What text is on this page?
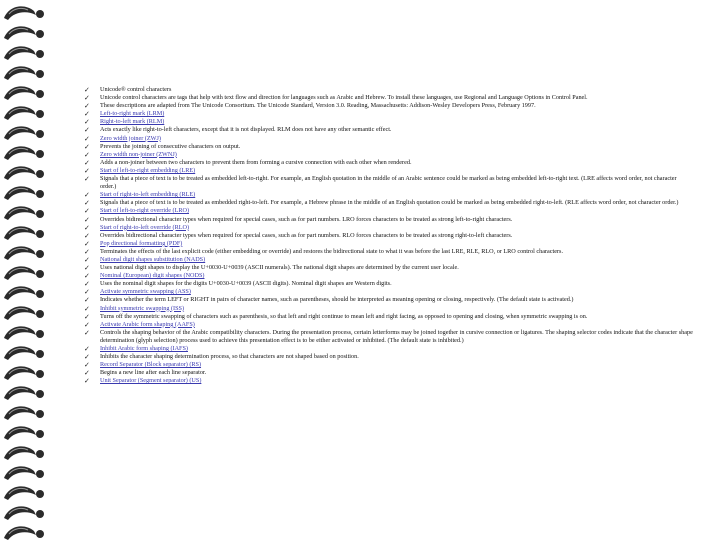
✓ Unicode® control characters
✓ Unicode control characters are tags that help with text flow and direction for languages such as Arabic and Hebrew. To install these languages, use Regional and Language Options in Control Panel.
✓ These descriptions are adapted from The Unicode Consortium. The Unicode Standard, Version 3.0. Reading, Massachusetts: Addison-Wesley Developers Press, February 1997.
✓ Left-to-right mark (LRM)
✓ Right-to-left mark (RLM)
✓ Acts exactly like right-to-left characters, except that it is not displayed. RLM does not have any other semantic effect.
✓ Zero width joiner (ZWJ)
✓ Prevents the joining of consecutive characters on output.
✓ Zero width non-joiner (ZWNJ)
✓ Adds a non-joiner between two characters to prevent them from forming a cursive connection with each other when rendered.
✓ Start of left-to-right embedding (LRE)
✓ Signals that a piece of text is to be treated as embedded left-to-right. For example, an English quotation in the middle of an Arabic sentence could be marked as being embedded left-to-right text. (LRE affects word order, not character order.)
✓ Start of right-to-left embedding (RLE)
✓ Signals that a piece of text is to be treated as embedded right-to-left. For example, a Hebrew phrase in the middle of an English quotation could be marked as being embedded right-to-left. (RLE affects word order, not character order.)
✓ Start of left-to-right override (LRO)
✓ Overrides bidirectional character types when required for special cases, such as for part numbers. LRO forces characters to be treated as strong left-to-right characters.
✓ Start of right-to-left override (RLO)
✓ Overrides bidirectional character types when required for special cases, such as for part numbers. RLO forces characters to be treated as strong right-to-left characters.
✓ Pop directional formatting (PDF)
✓ Terminates the effects of the last explicit code (either embedding or override) and restores the bidirectional state to what it was before the last LRE, RLE, RLO, or LRO control characters.
✓ National digit shapes substitution (NADS)
✓ Uses national digit shapes to display the U+0030-U+0039 (ASCII numerals). The national digit shapes are determined by the current user locale.
✓ Nominal (European) digit shapes (NODS)
✓ Uses the nominal digit shapes for the digits U+0030-U+0039 (ASCII digits). Nominal digit shapes are Western digits.
✓ Activate symmetric swapping (ASS)
✓ Indicates whether the term LEFT or RIGHT in pairs of character names, such as parentheses, should be interpreted as meaning opening or closing, respectively. (The default state is activated.)
✓ Inhibit symmetric swapping (ISS)
✓ Turns off the symmetric swapping of characters such as parenthesis, so that left and right continue to mean left and right facing, as opposed to opening and closing, when symmetric swapping is on.
✓ Activate Arabic form shaping (AAFS)
✓ Controls the shaping behavior of the Arabic compatibility characters. During the presentation process, certain letterforms may be joined together in cursive connection or ligatures. The shaping selector codes indicate that the character shape determination (glyph selection) process used to achieve this presentation effect is to be either activated or inhibited. (The default state is inhibited.)
✓ Inhibit Arabic form shaping (IAFS)
✓ Inhibits the character shaping determination process, so that characters are not shaped based on position.
✓ Record Separator (Block separator) (RS)
✓ Begins a new line after each line separator.
✓ Unit Separator (Segment separator) (US)
